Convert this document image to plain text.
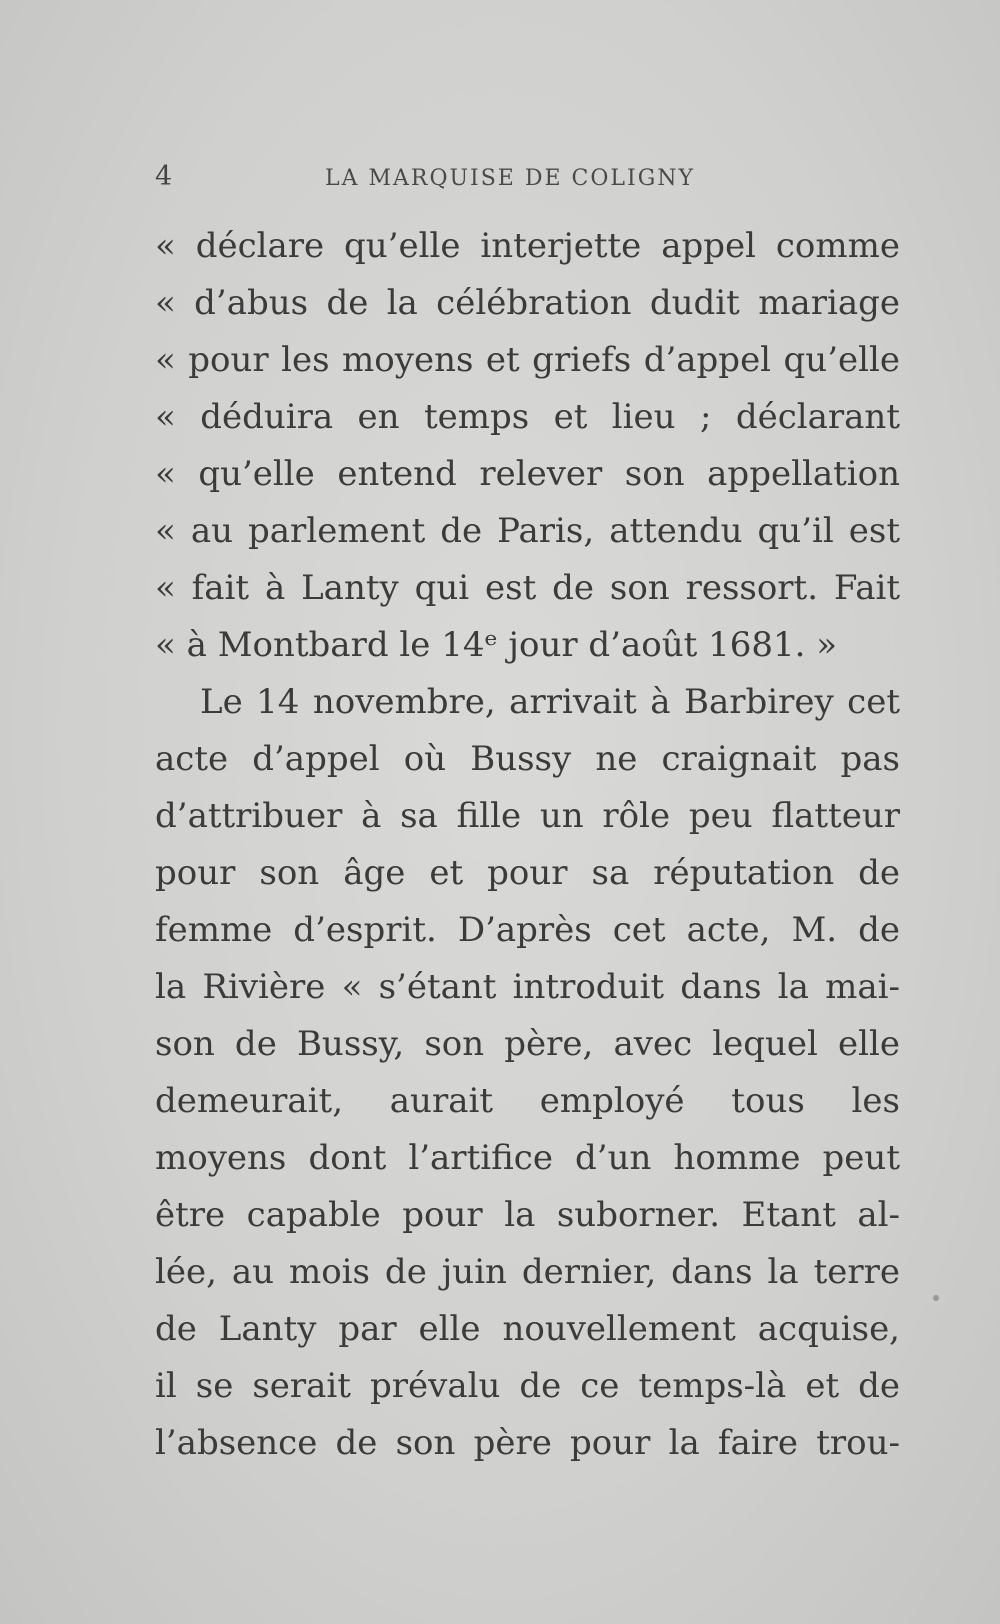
4	LA MARQUISE DE COLIGNY
« déclare qu’elle interjette appel comme
« d’abus de la célébration dudit mariage
« pour les moyens et griefs d’appel qu’elle
« déduira en temps et lieu ; déclarant
« qu’elle entend relever son appellation
« au parlement de Paris, attendu qu’il est
« fait à Lanty qui est de son ressort. Fait
« à Montbard le 14ᵉ jour d’août 1681. »
Le 14 novembre, arrivait à Barbirey cet
acte d’appel où Bussy ne craignait pas
d’attribuer à sa fille un rôle peu flatteur
pour son âge et pour sa réputation de
femme d’esprit. D’après cet acte, M. de
la Rivière « s’étant introduit dans la mai-
son de Bussy, son père, avec lequel elle
demeurait, aurait employé tous les
moyens dont l’artifice d’un homme peut
être capable pour la suborner. Etant al-
lée, au mois de juin dernier, dans la terre
de Lanty par elle nouvellement acquise,
il se serait prévalu de ce temps-là et de
l’absence de son père pour la faire trou-
